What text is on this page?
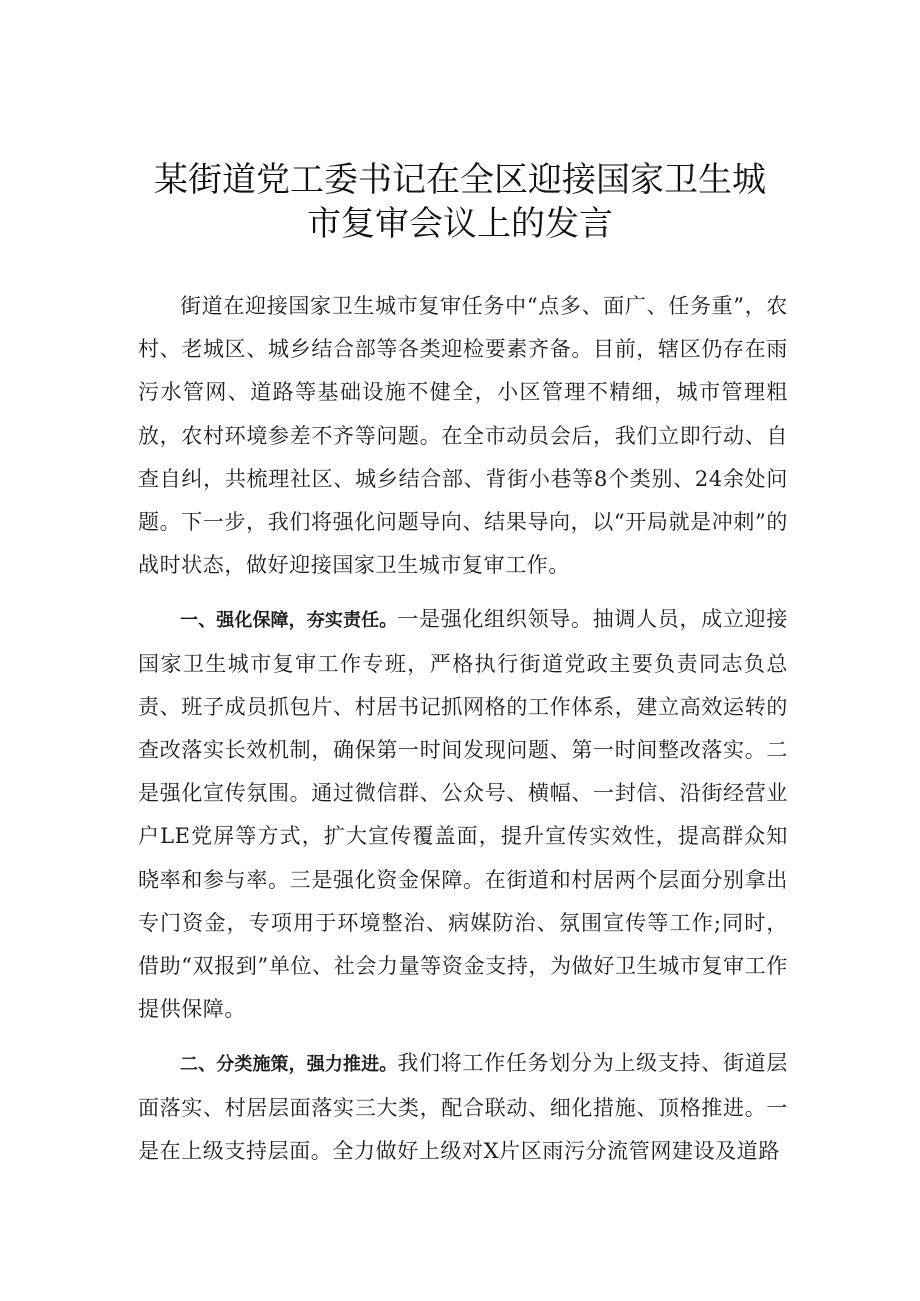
某街道党工委书记在全区迎接国家卫生城
市复审会议上的发言

街道在迎接国家卫生城市复审任务中“点多、面广、任务重”，农村、老城区、城乡结合部等各类迎检要素齐备。目前，辖区仍存在雨污水管网、道路等基础设施不健全，小区管理不精细，城市管理粗放，农村环境参差不齐等问题。在全市动员会后，我们立即行动、自查自纠，共梳理社区、城乡结合部、背街小巷等8个类别、24余处问题。下一步，我们将强化问题导向、结果导向，以“开局就是冲刺”的战时状态，做好迎接国家卫生城市复审工作。

一、强化保障，夯实责任。一是强化组织领导。抽调人员，成立迎接国家卫生城市复审工作专班，严格执行街道党政主要负责同志负总责、班子成员抓包片、村居书记抓网格的工作体系，建立高效运转的查改落实长效机制，确保第一时间发现问题、第一时间整改落实。二是强化宣传氛围。通过微信群、公众号、横幅、一封信、沿街经营业户LE党屏等方式，扩大宣传覆盖面，提升宣传实效性，提高群众知晓率和参与率。三是强化资金保障。在街道和村居两个层面分别拿出专门资金，专项用于环境整治、病媒防治、氛围宣传等工作;同时，借助“双报到”单位、社会力量等资金支持，为做好卫生城市复审工作提供保障。

二、分类施策，强力推进。我们将工作任务划分为上级支持、街道层面落实、村居层面落实三大类，配合联动、细化措施、顶格推进。一是在上级支持层面。全力做好上级对X片区雨污分流管网建设及道路
